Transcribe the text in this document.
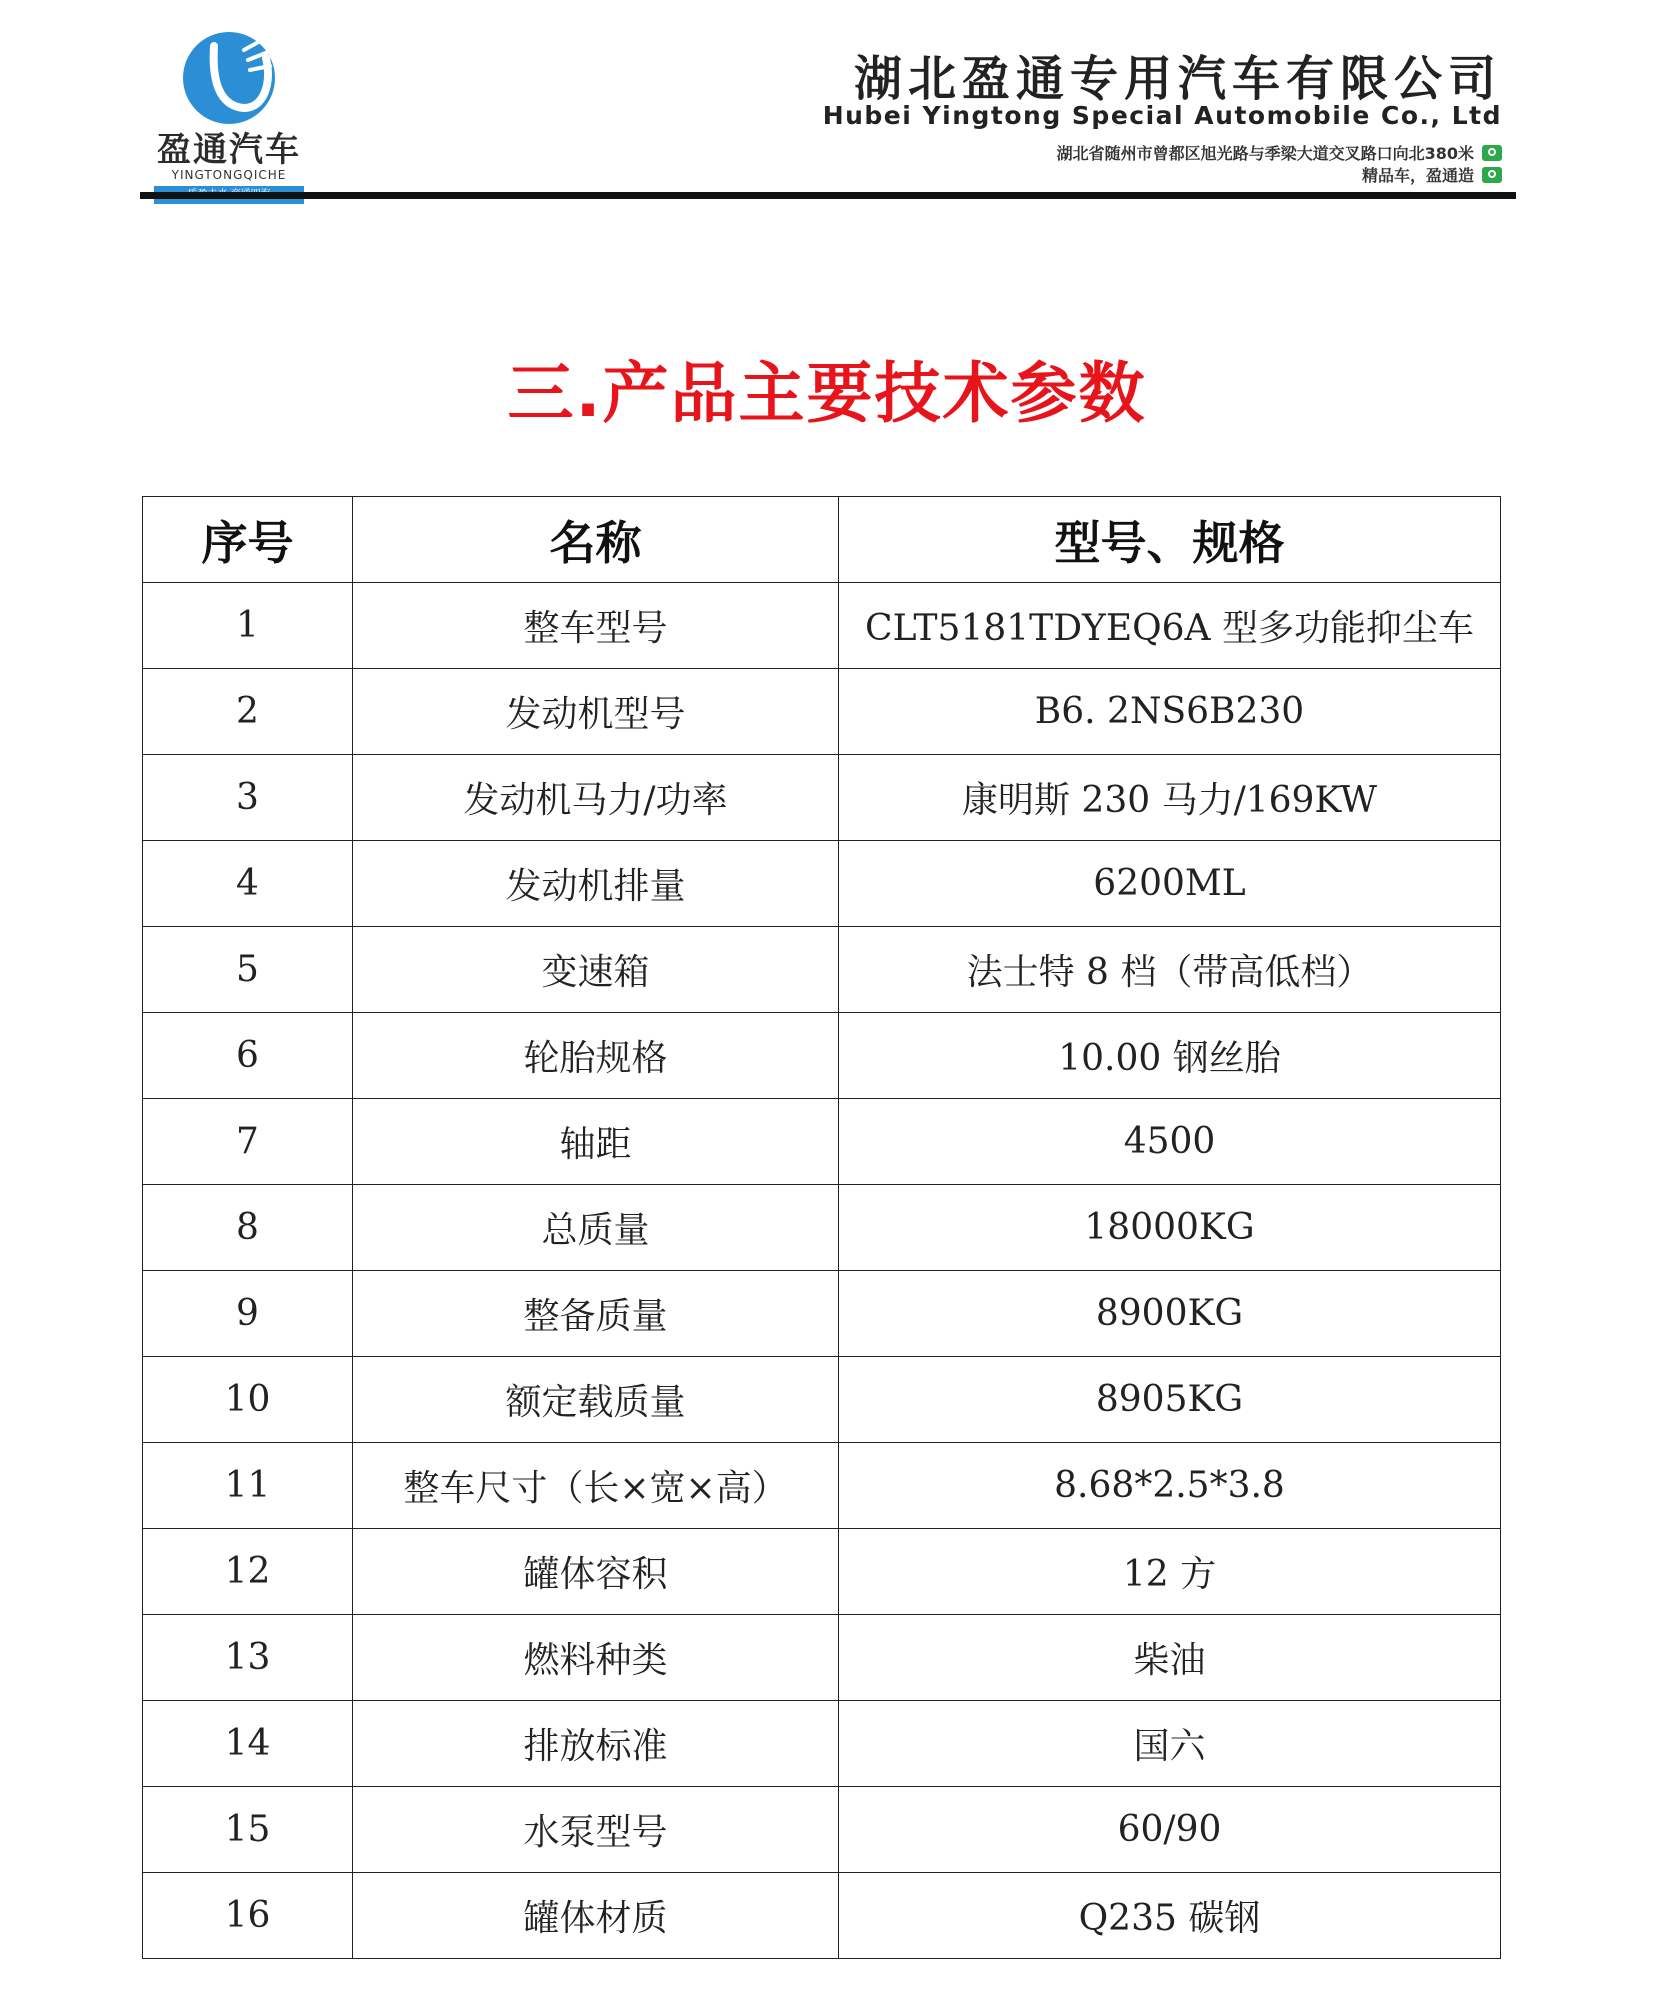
盈通汽车
YINGTONGQICHE
湖北盈通专用汽车有限公司
Hubei Yingtong Special Automobile Co., Ltd
湖北省随州市曾都区旭光路与季梁大道交叉路口向北380米
精品车，盈通造
三.产品主要技术参数
序号	名称	型号、规格
1	整车型号	CLT5181TDYEQ6A 型多功能抑尘车
2	发动机型号	B6. 2NS6B230
3	发动机马力/功率	康明斯 230 马力/169KW
4	发动机排量	6200ML
5	变速箱	法士特 8 档（带高低档）
6	轮胎规格	10.00 钢丝胎
7	轴距	4500
8	总质量	18000KG
9	整备质量	8900KG
10	额定载质量	8905KG
11	整车尺寸（长×宽×高）	8.68*2.5*3.8
12	罐体容积	12 方
13	燃料种类	柴油
14	排放标准	国六
15	水泵型号	60/90
16	罐体材质	Q235 碳钢
